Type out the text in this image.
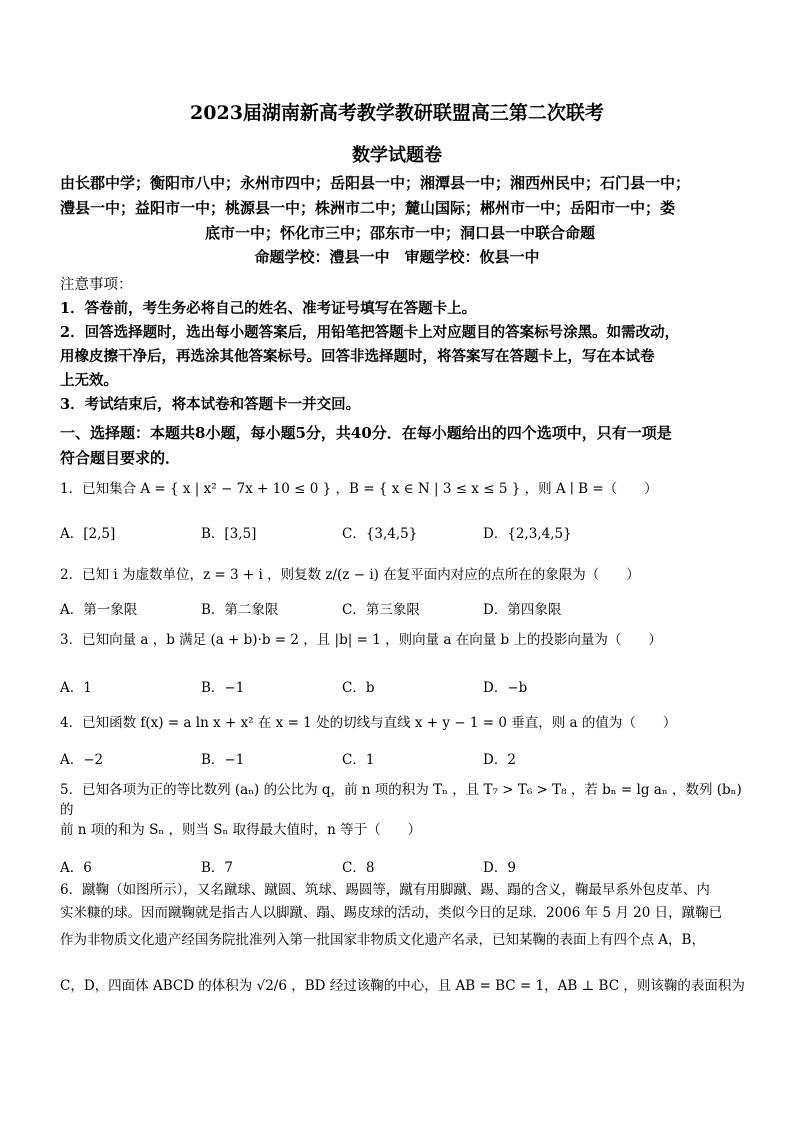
2023届湖南新高考教学教研联盟高三第二次联考
数学试题卷
由长郡中学；衡阳市八中；永州市四中；岳阳县一中；湘潭县一中；湘西州民中；石门县一中；
澧县一中；益阳市一中；桃源县一中；株洲市二中；麓山国际；郴州市一中；岳阳市一中；娄
底市一中；怀化市三中；邵东市一中；洞口县一中联合命题
命题学校：澧县一中　审题学校：攸县一中
注意事项：
1．答卷前，考生务必将自己的姓名、准考证号填写在答题卡上。
2．回答选择题时，选出每小题答案后，用铅笔把答题卡上对应题目的答案标号涂黑。如需改动，
用橡皮擦干净后，再选涂其他答案标号。回答非选择题时，将答案写在答题卡上，写在本试卷
上无效。
3．考试结束后，将本试卷和答题卡一并交回。
一、选择题：本题共8小题，每小题5分，共40分．在每小题给出的四个选项中，只有一项是
符合题目要求的．
1．已知集合 A = { x | x² − 7x + 10 ≤ 0 } ，B = { x ∈ N | 3 ≤ x ≤ 5 } ，则 A ∣ B =（　　）
A．[2,5]	B．[3,5]	C．{3,4,5}	D．{2,3,4,5}
2．已知 i 为虚数单位，z = 3 + i ，则复数 z/(z − i) 在复平面内对应的点所在的象限为（　　）
A．第一象限	B．第二象限	C．第三象限	D．第四象限
3．已知向量 a ，b 满足 (a + b)·b = 2 ，且 |b| = 1 ，则向量 a 在向量 b 上的投影向量为（　　）
A．1	B．−1	C．b	D．−b
4．已知函数 f(x) = a ln x + x² 在 x = 1 处的切线与直线 x + y − 1 = 0 垂直，则 a 的值为（　　）
A．−2	B．−1	C．1	D．2
5．已知各项为正的等比数列 (aₙ) 的公比为 q，前 n 项的积为 Tₙ ，且 T₇ > T₆ > T₈ ，若 bₙ = lg aₙ ，数列 (bₙ) 的
前 n 项的和为 Sₙ ，则当 Sₙ 取得最大值时，n 等于（　　）
A．6	B．7	C．8	D．9
6．蹴鞠（如图所示），又名蹴球、蹴圆、筑球、踢圆等，蹴有用脚蹴、踢、蹋的含义，鞠最早系外包皮革、内
实米糠的球。因而蹴鞠就是指古人以脚蹴、蹋、踢皮球的活动，类似今日的足球．2006 年 5 月 20 日，蹴鞠已
作为非物质文化遗产经国务院批准列入第一批国家非物质文化遗产名录，已知某鞠的表面上有四个点 A，B，
C，D，四面体 ABCD 的体积为 √2/6 ，BD 经过该鞠的中心，且 AB = BC = 1，AB ⊥ BC ，则该鞠的表面积为
